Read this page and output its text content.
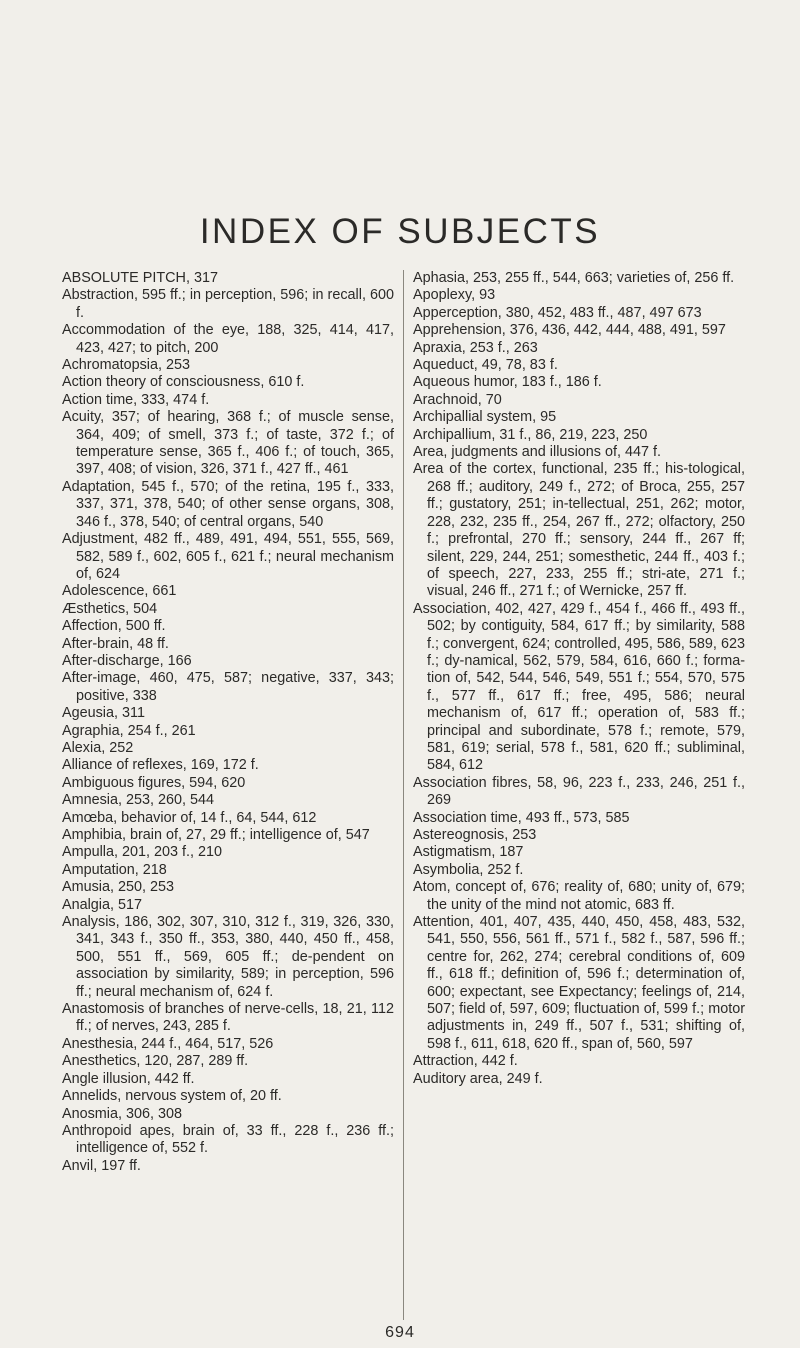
INDEX OF SUBJECTS
ABSOLUTE PITCH, 317
Abstraction, 595 ff.; in perception, 596; in recall, 600 f.
Accommodation of the eye, 188, 325, 414, 417, 423, 427; to pitch, 200
Achromatopsia, 253
Action theory of consciousness, 610 f.
Action time, 333, 474 f.
Acuity, 357; of hearing, 368 f.; of muscle sense, 364, 409; of smell, 373 f.; of taste, 372 f.; of temperature sense, 365 f., 406 f.; of touch, 365, 397, 408; of vision, 326, 371 f., 427 ff., 461
Adaptation, 545 f., 570; of the retina, 195 f., 333, 337, 371, 378, 540; of other sense organs, 308, 346 f., 378, 540; of central organs, 540
Adjustment, 482 ff., 489, 491, 494, 551, 555, 569, 582, 589 f., 602, 605 f., 621 f.; neural mechanism of, 624
Adolescence, 661
Æsthetics, 504
Affection, 500 ff.
After-brain, 48 ff.
After-discharge, 166
After-image, 460, 475, 587; negative, 337, 343; positive, 338
Ageusia, 311
Agraphia, 254 f., 261
Alexia, 252
Alliance of reflexes, 169, 172 f.
Ambiguous figures, 594, 620
Amnesia, 253, 260, 544
Amœba, behavior of, 14 f., 64, 544, 612
Amphibia, brain of, 27, 29 ff.; intelligence of, 547
Ampulla, 201, 203 f., 210
Amputation, 218
Amusia, 250, 253
Analgia, 517
Analysis, 186, 302, 307, 310, 312 f., 319, 326, 330, 341, 343 f., 350 ff., 353, 380, 440, 450 ff., 458, 500, 551 ff., 569, 605 ff.; de-pendent on association by similarity, 589; in perception, 596 ff.; neural mechanism of, 624 f.
Anastomosis of branches of nerve-cells, 18, 21, 112 ff.; of nerves, 243, 285 f.
Anesthesia, 244 f., 464, 517, 526
Anesthetics, 120, 287, 289 ff.
Angle illusion, 442 ff.
Annelids, nervous system of, 20 ff.
Anosmia, 306, 308
Anthropoid apes, brain of, 33 ff., 228 f., 236 ff.; intelligence of, 552 f.
Anvil, 197 ff.
Aphasia, 253, 255 ff., 544, 663; varieties of, 256 ff.
Apoplexy, 93
Apperception, 380, 452, 483 ff., 487, 497 673
Apprehension, 376, 436, 442, 444, 488, 491, 597
Apraxia, 253 f., 263
Aqueduct, 49, 78, 83 f.
Aqueous humor, 183 f., 186 f.
Arachnoid, 70
Archipallial system, 95
Archipallium, 31 f., 86, 219, 223, 250
Area, judgments and illusions of, 447 f.
Area of the cortex, functional, 235 ff.; his-tological, 268 ff.; auditory, 249 f., 272; of Broca, 255, 257 ff.; gustatory, 251; in-tellectual, 251, 262; motor, 228, 232, 235 ff., 254, 267 ff., 272; olfactory, 250 f.; prefrontal, 270 ff.; sensory, 244 ff., 267 ff; silent, 229, 244, 251; somesthetic, 244 ff., 403 f.; of speech, 227, 233, 255 ff.; stri-ate, 271 f.; visual, 246 ff., 271 f.; of Wernicke, 257 ff.
Association, 402, 427, 429 f., 454 f., 466 ff., 493 ff., 502; by contiguity, 584, 617 ff.; by similarity, 588 f.; convergent, 624; controlled, 495, 586, 589, 623 f.; dy-namical, 562, 579, 584, 616, 660 f.; forma-tion of, 542, 544, 546, 549, 551 f.; 554, 570, 575 f., 577 ff., 617 ff.; free, 495, 586; neural mechanism of, 617 ff.; operation of, 583 ff.; principal and subordinate, 578 f.; remote, 579, 581, 619; serial, 578 f., 581, 620 ff.; subliminal, 584, 612
Association fibres, 58, 96, 223 f., 233, 246, 251 f., 269
Association time, 493 ff., 573, 585
Astereognosis, 253
Astigmatism, 187
Asymbolia, 252 f.
Atom, concept of, 676; reality of, 680; unity of, 679; the unity of the mind not atomic, 683 ff.
Attention, 401, 407, 435, 440, 450, 458, 483, 532, 541, 550, 556, 561 ff., 571 f., 582 f., 587, 596 ff.; centre for, 262, 274; cerebral conditions of, 609 ff., 618 ff.; definition of, 596 f.; determination of, 600; expectant, see Expectancy; feelings of, 214, 507; field of, 597, 609; fluctuation of, 599 f.; motor adjustments in, 249 ff., 507 f., 531; shifting of, 598 f., 611, 618, 620 ff., span of, 560, 597
Attraction, 442 f.
Auditory area, 249 f.
694
